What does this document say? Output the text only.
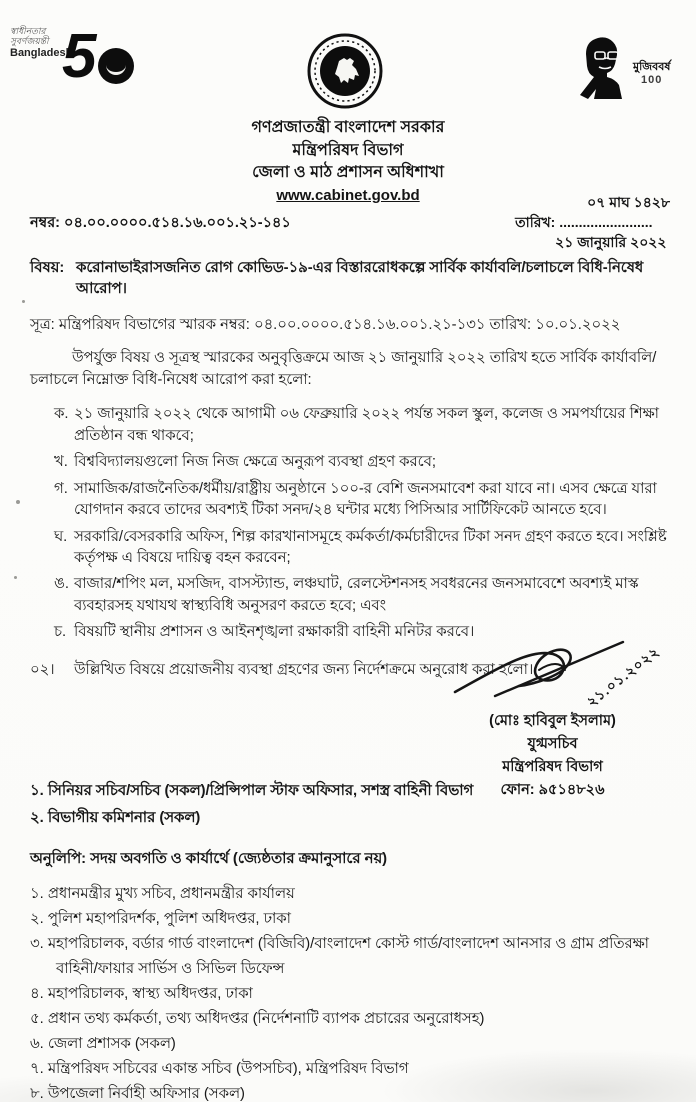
স্বাধীনতার
সুবর্ণজয়ন্তী
Bangladesh
5	মুজিববর্ষ
100
গণপ্রজাতন্ত্রী বাংলাদেশ সরকার
মন্ত্রিপরিষদ বিভাগ
জেলা ও মাঠ প্রশাসন অধিশাখা
www.cabinet.gov.bd
নম্বর: ০৪.০০.০০০০.৫১৪.১৬.০০১.২১-১৪১
০৭ মাঘ ১৪২৮
তারিখ: ........................
২১ জানুয়ারি ২০২২
বিষয়: করোনাভাইরাসজনিত রোগ কোভিড-১৯-এর বিস্তাররোধকল্পে সার্বিক কার্যাবলি/চলাচলে বিধি-নিষেধ আরোপ।
সূত্র: মন্ত্রিপরিষদ বিভাগের স্মারক নম্বর: ০৪.০০.০০০০.৫১৪.১৬.০০১.২১-১৩১ তারিখ: ১০.০১.২০২২
উপর্যুক্ত বিষয় ও সূত্রস্থ স্মারকের অনুবৃত্তিক্রমে আজ ২১ জানুয়ারি ২০২২ তারিখ হতে সার্বিক কার্যাবলি/চলাচলে নিম্নোক্ত বিধি-নিষেধ আরোপ করা হলো:
ক. ২১ জানুয়ারি ২০২২ থেকে আগামী ০৬ ফেব্রুয়ারি ২০২২ পর্যন্ত সকল স্কুল, কলেজ ও সমপর্যায়ের শিক্ষা প্রতিষ্ঠান বন্ধ থাকবে;
খ. বিশ্ববিদ্যালয়গুলো নিজ নিজ ক্ষেত্রে অনুরূপ ব্যবস্থা গ্রহণ করবে;
গ. সামাজিক/রাজনৈতিক/ধর্মীয়/রাষ্ট্রীয় অনুষ্ঠানে ১০০-র বেশি জনসমাবেশ করা যাবে না। এসব ক্ষেত্রে যারা যোগদান করবে তাদের অবশ্যই টিকা সনদ/২৪ ঘন্টার মধ্যে পিসিআর সার্টিফিকেট আনতে হবে।
ঘ. সরকারি/বেসরকারি অফিস, শিল্প কারখানাসমূহে কর্মকর্তা/কর্মচারীদের টিকা সনদ গ্রহণ করতে হবে। সংশ্লিষ্ট কর্তৃপক্ষ এ বিষয়ে দায়িত্ব বহন করবেন;
ঙ. বাজার/শপিং মল, মসজিদ, বাসস্ট্যান্ড, লঞ্চঘাট, রেলস্টেশনসহ সবধরনের জনসমাবেশে অবশ্যই মাস্ক ব্যবহারসহ যথাযথ স্বাস্থ্যবিধি অনুসরণ করতে হবে; এবং
চ. বিষয়টি স্থানীয় প্রশাসন ও আইনশৃঙ্খলা রক্ষাকারী বাহিনী মনিটর করবে।
০২।	উল্লিখিত বিষয়ে প্রয়োজনীয় ব্যবস্থা গ্রহণের জন্য নির্দেশক্রমে অনুরোধ করা হলো।	২১.০১.২০২২
(মোঃ হাবিবুল ইসলাম)
যুগ্মসচিব
মন্ত্রিপরিষদ বিভাগ
ফোন: ৯৫১৪৮২৬
১. সিনিয়র সচিব/সচিব (সকল)/প্রিন্সিপাল স্টাফ অফিসার, সশস্ত্র বাহিনী বিভাগ
২. বিভাগীয় কমিশনার (সকল)
অনুলিপি: সদয় অবগতি ও কার্যার্থে (জ্যেষ্ঠতার ক্রমানুসারে নয়)
১. প্রধানমন্ত্রীর মুখ্য সচিব, প্রধানমন্ত্রীর কার্যালয়
২. পুলিশ মহাপরিদর্শক, পুলিশ অধিদপ্তর, ঢাকা
৩. মহাপরিচালক, বর্ডার গার্ড বাংলাদেশ (বিজিবি)/বাংলাদেশ কোস্ট গার্ড/বাংলাদেশ আনসার ও গ্রাম প্রতিরক্ষা বাহিনী/ফায়ার সার্ভিস ও সিভিল ডিফেন্স
৪. মহাপরিচালক, স্বাস্থ্য অধিদপ্তর, ঢাকা
৫. প্রধান তথ্য কর্মকর্তা, তথ্য অধিদপ্তর (নির্দেশনাটি ব্যাপক প্রচারের অনুরোধসহ)
৬. জেলা প্রশাসক (সকল)
৭. মন্ত্রিপরিষদ সচিবের একান্ত সচিব (উপসচিব), মন্ত্রিপরিষদ বিভাগ
৮. উপজেলা নির্বাহী অফিসার (সকল)
